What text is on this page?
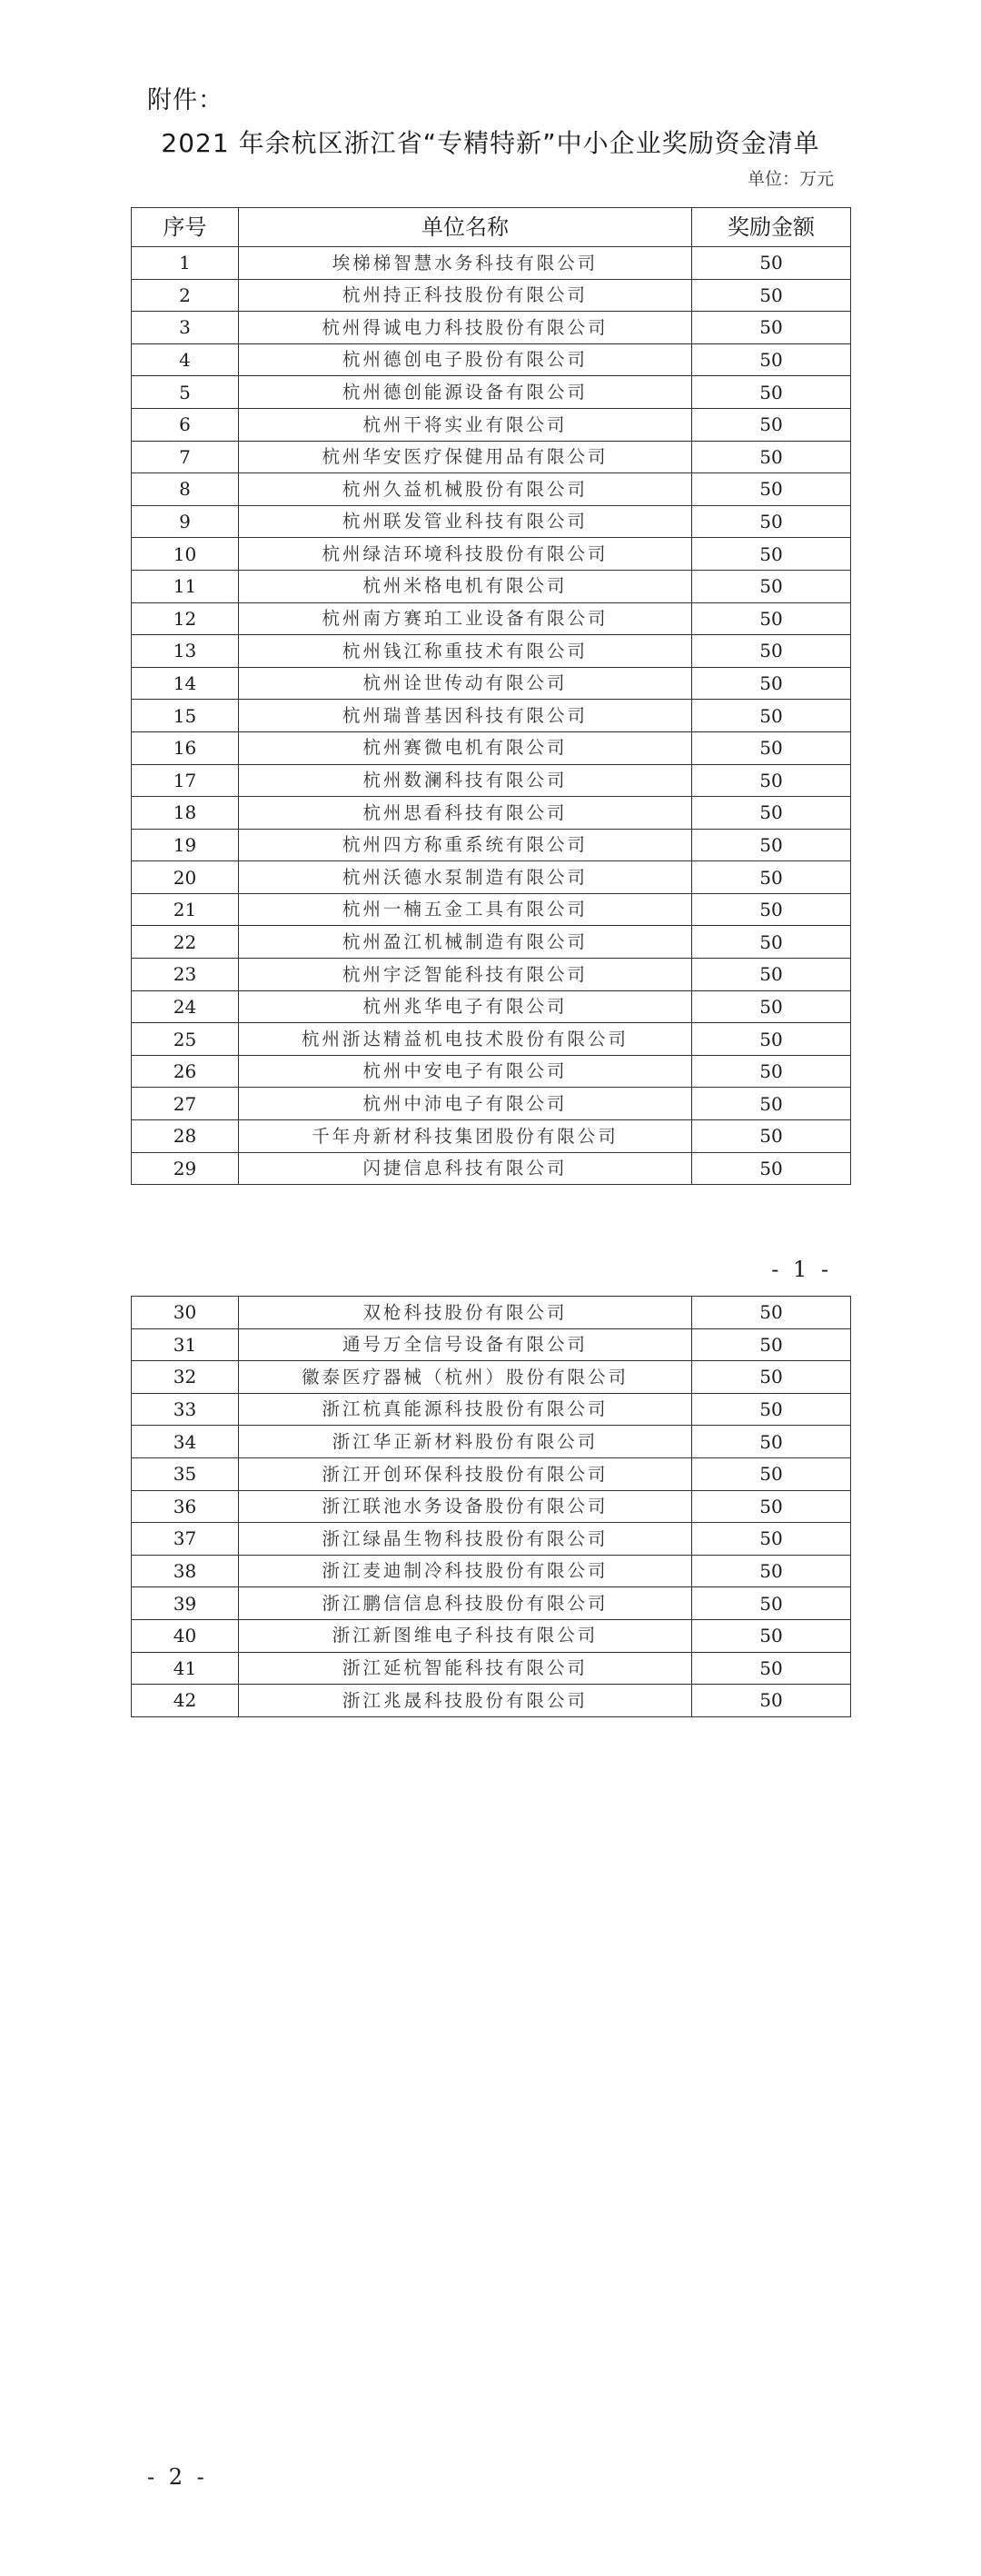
附件：
2021 年余杭区浙江省“专精特新”中小企业奖励资金清单
单位：万元
序号	单位名称	奖励金额
1	埃梯梯智慧水务科技有限公司	50
2	杭州持正科技股份有限公司	50
3	杭州得诚电力科技股份有限公司	50
4	杭州德创电子股份有限公司	50
5	杭州德创能源设备有限公司	50
6	杭州干将实业有限公司	50
7	杭州华安医疗保健用品有限公司	50
8	杭州久益机械股份有限公司	50
9	杭州联发管业科技有限公司	50
10	杭州绿洁环境科技股份有限公司	50
11	杭州米格电机有限公司	50
12	杭州南方赛珀工业设备有限公司	50
13	杭州钱江称重技术有限公司	50
14	杭州诠世传动有限公司	50
15	杭州瑞普基因科技有限公司	50
16	杭州赛微电机有限公司	50
17	杭州数澜科技有限公司	50
18	杭州思看科技有限公司	50
19	杭州四方称重系统有限公司	50
20	杭州沃德水泵制造有限公司	50
21	杭州一楠五金工具有限公司	50
22	杭州盈江机械制造有限公司	50
23	杭州宇泛智能科技有限公司	50
24	杭州兆华电子有限公司	50
25	杭州浙达精益机电技术股份有限公司	50
26	杭州中安电子有限公司	50
27	杭州中沛电子有限公司	50
28	千年舟新材科技集团股份有限公司	50
29	闪捷信息科技有限公司	50
- 1 -
30	双枪科技股份有限公司	50
31	通号万全信号设备有限公司	50
32	徽泰医疗器械（杭州）股份有限公司	50
33	浙江杭真能源科技股份有限公司	50
34	浙江华正新材料股份有限公司	50
35	浙江开创环保科技股份有限公司	50
36	浙江联池水务设备股份有限公司	50
37	浙江绿晶生物科技股份有限公司	50
38	浙江麦迪制冷科技股份有限公司	50
39	浙江鹏信信息科技股份有限公司	50
40	浙江新图维电子科技有限公司	50
41	浙江延杭智能科技有限公司	50
42	浙江兆晟科技股份有限公司	50
- 2 -
